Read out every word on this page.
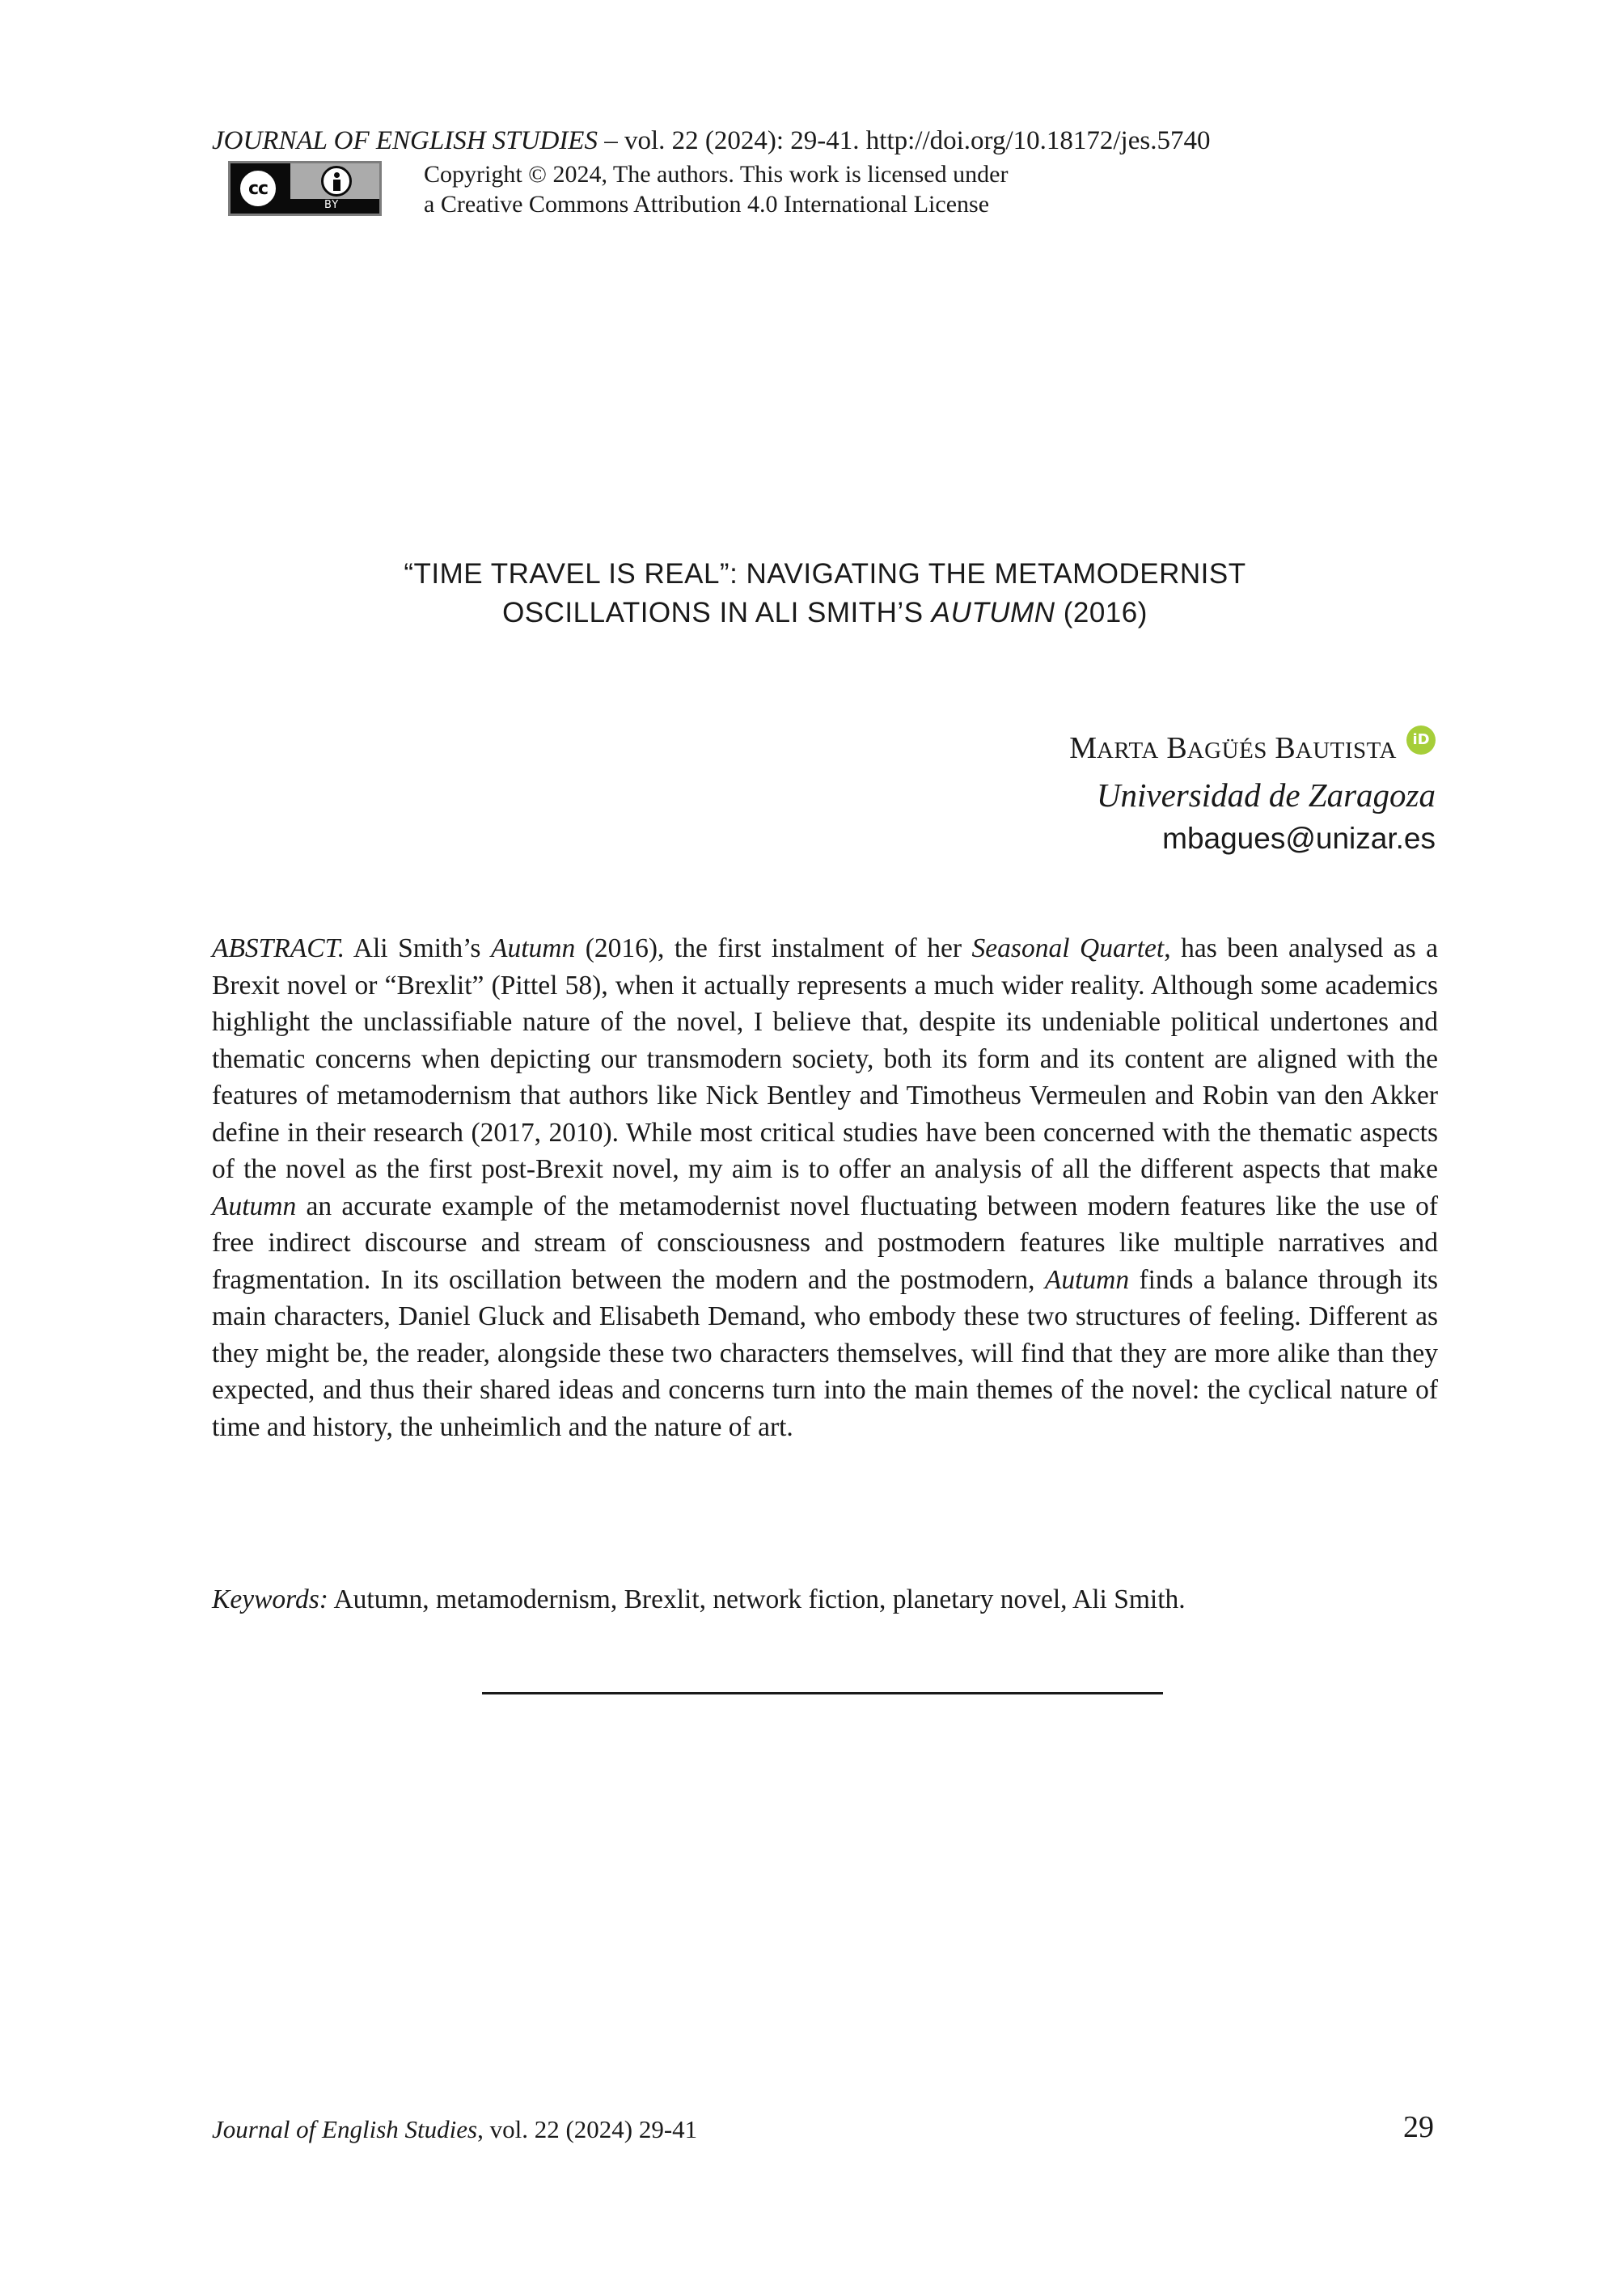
JOURNAL OF ENGLISH STUDIES – vol. 22 (2024): 29-41. http://doi.org/10.18172/jes.5740
cc
BY
Copyright © 2024, The authors. This work is licensed under
a Creative Commons Attribution 4.0 International License
“TIME TRAVEL IS REAL”: NAVIGATING THE METAMODERNIST
OSCILLATIONS IN ALI SMITH’S AUTUMN (2016)
MARTA BAGÜÉS BAUTISTA	iD
Universidad de Zaragoza
mbagues@unizar.es

ABSTRACT. Ali Smith’s Autumn (2016), the first instalment of her Seasonal Quartet, has been analysed as a Brexit novel or “Brexlit” (Pittel 58), when it actually represents a much wider reality. Although some academics highlight the unclassifiable nature of the novel, I believe that, despite its undeniable political undertones and thematic concerns when depicting our transmodern society, both its form and its content are aligned with the features of metamodernism that authors like Nick Bentley and Timotheus Vermeulen and Robin van den Akker define in their research (2017, 2010). While most critical studies have been concerned with the thematic aspects of the novel as the first post-Brexit novel, my aim is to offer an analysis of all the different aspects that make Autumn an accurate example of the metamodernist novel fluctuating between modern features like the use of free indirect discourse and stream of consciousness and postmodern features like multiple narratives and fragmentation. In its oscillation between the modern and the postmodern, Autumn finds a balance through its main characters, Daniel Gluck and Elisabeth Demand, who embody these two structures of feeling. Different as they might be, the reader, alongside these two characters themselves, will find that they are more alike than they expected, and thus their shared ideas and concerns turn into the main themes of the novel: the cyclical nature of time and history, the unheimlich and the nature of art.

Keywords: Autumn, metamodernism, Brexlit, network fiction, planetary novel, Ali Smith.

Journal of English Studies, vol. 22 (2024) 29-41	29
